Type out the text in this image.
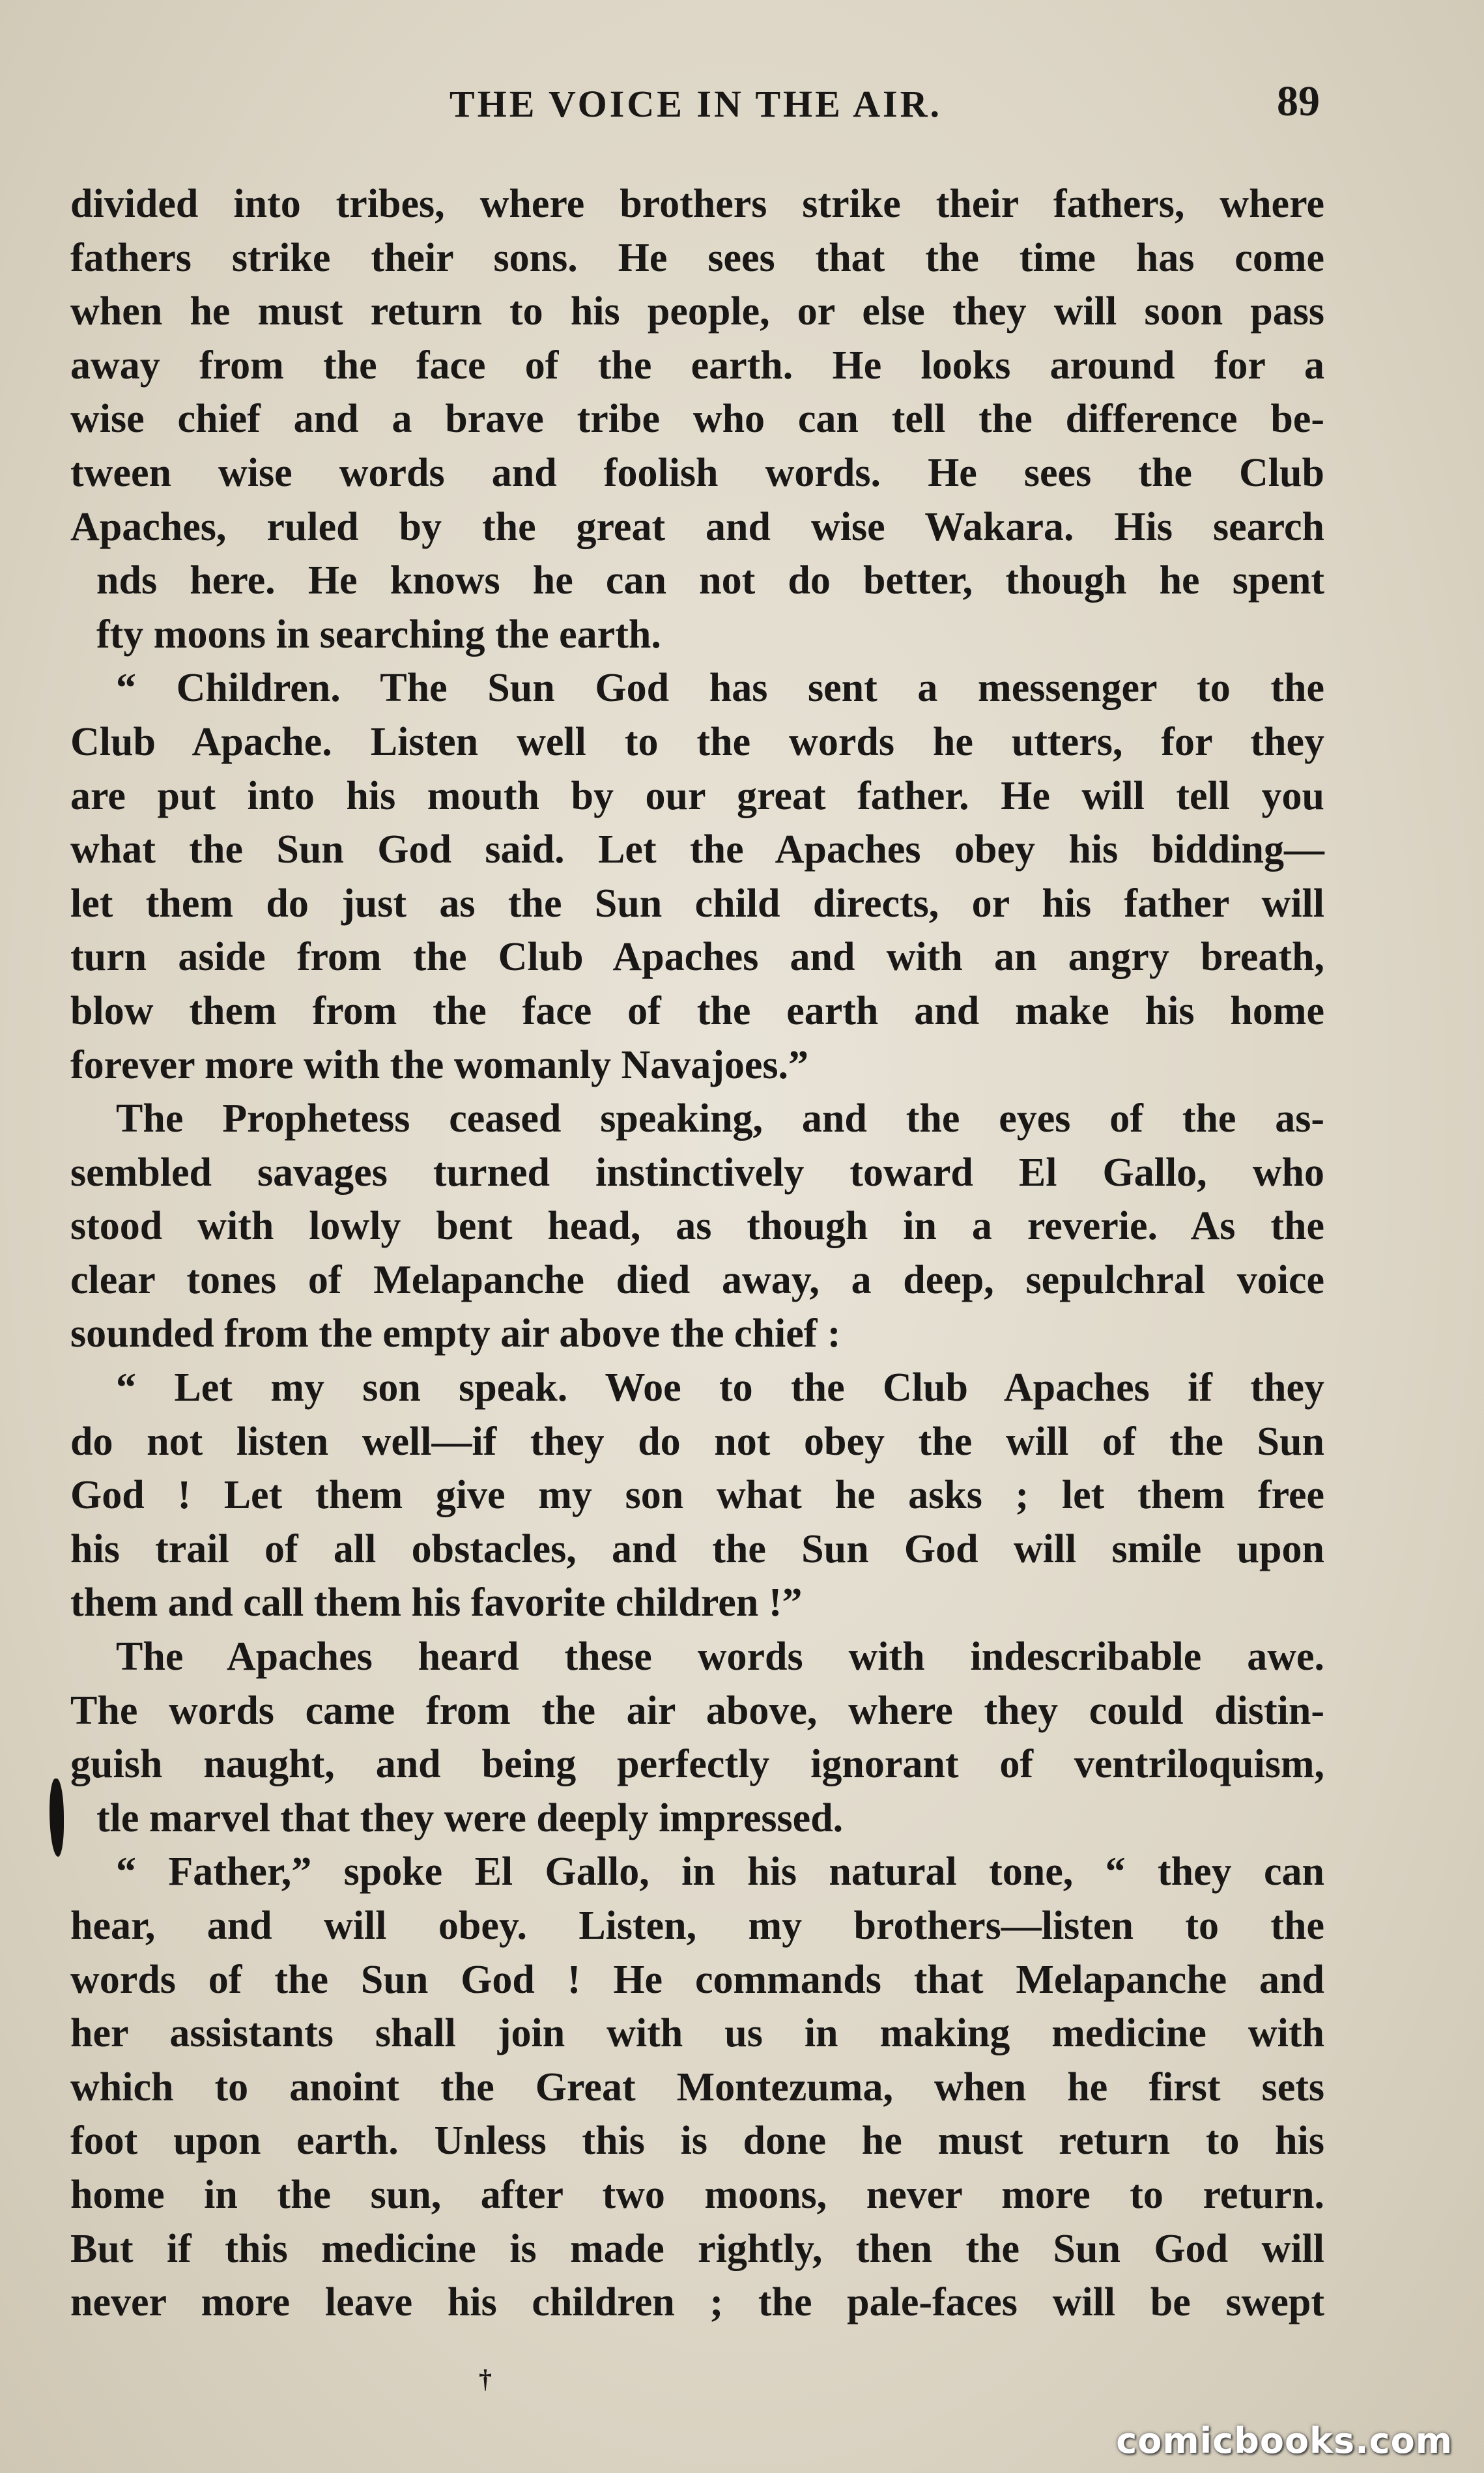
THE VOICE IN THE AIR.	89
divided into tribes, where brothers strike their fathers, where
fathers strike their sons. He sees that the time has come
when he must return to his people, or else they will soon pass
away from the face of the earth. He looks around for a
wise chief and a brave tribe who can tell the difference be-
tween wise words and foolish words. He sees the Club
Apaches, ruled by the great and wise Wakara. His search
nds here. He knows he can not do better, though he spent
fty moons in searching the earth.
“ Children. The Sun God has sent a messenger to the
Club Apache. Listen well to the words he utters, for they
are put into his mouth by our great father. He will tell you
what the Sun God said. Let the Apaches obey his bidding—
let them do just as the Sun child directs, or his father will
turn aside from the Club Apaches and with an angry breath,
blow them from the face of the earth and make his home
forever more with the womanly Navajoes.”
The Prophetess ceased speaking, and the eyes of the as-
sembled savages turned instinctively toward El Gallo, who
stood with lowly bent head, as though in a reverie. As the
clear tones of Melapanche died away, a deep, sepulchral voice
sounded from the empty air above the chief :
“ Let my son speak. Woe to the Club Apaches if they
do not listen well—if they do not obey the will of the Sun
God ! Let them give my son what he asks ; let them free
his trail of all obstacles, and the Sun God will smile upon
them and call them his favorite children !”
The Apaches heard these words with indescribable awe.
The words came from the air above, where they could distin-
guish naught, and being perfectly ignorant of ventriloquism,
tle marvel that they were deeply impressed.
“ Father,” spoke El Gallo, in his natural tone, “ they can
hear, and will obey. Listen, my brothers—listen to the
words of the Sun God ! He commands that Melapanche and
her assistants shall join with us in making medicine with
which to anoint the Great Montezuma, when he first sets
foot upon earth. Unless this is done he must return to his
home in the sun, after two moons, never more to return.
But if this medicine is made rightly, then the Sun God will
never more leave his children ; the pale-faces will be swept
†
comicbooks.com
